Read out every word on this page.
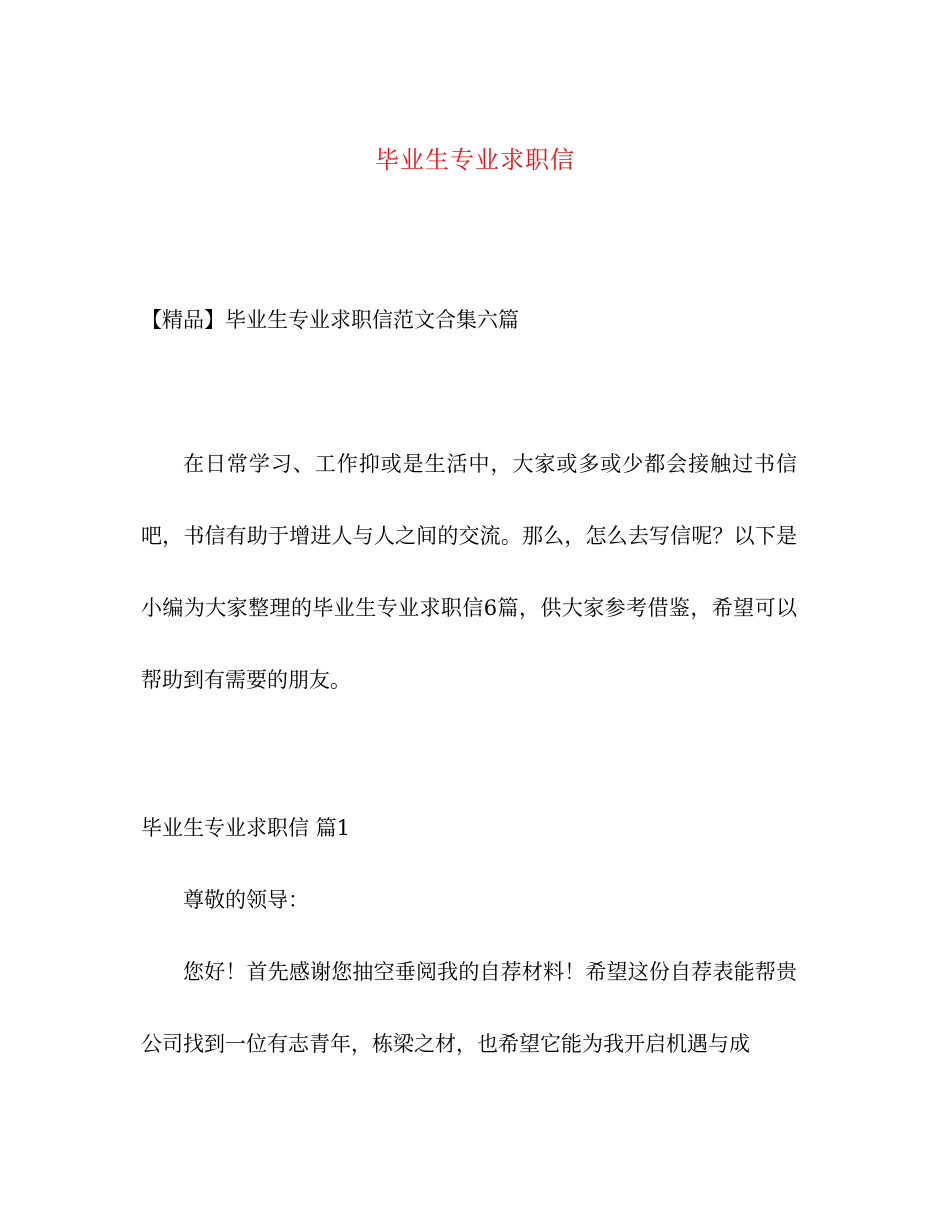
毕业生专业求职信
【精品】毕业生专业求职信范文合集六篇
在日常学习、工作抑或是生活中，大家或多或少都会接触过书信吧，书信有助于增进人与人之间的交流。那么，怎么去写信呢？以下是小编为大家整理的毕业生专业求职信6篇，供大家参考借鉴，希望可以帮助到有需要的朋友。
毕业生专业求职信 篇1
尊敬的领导：
您好！首先感谢您抽空垂阅我的自荐材料！希望这份自荐表能帮贵公司找到一位有志青年，栋梁之材，也希望它能为我开启机遇与成
